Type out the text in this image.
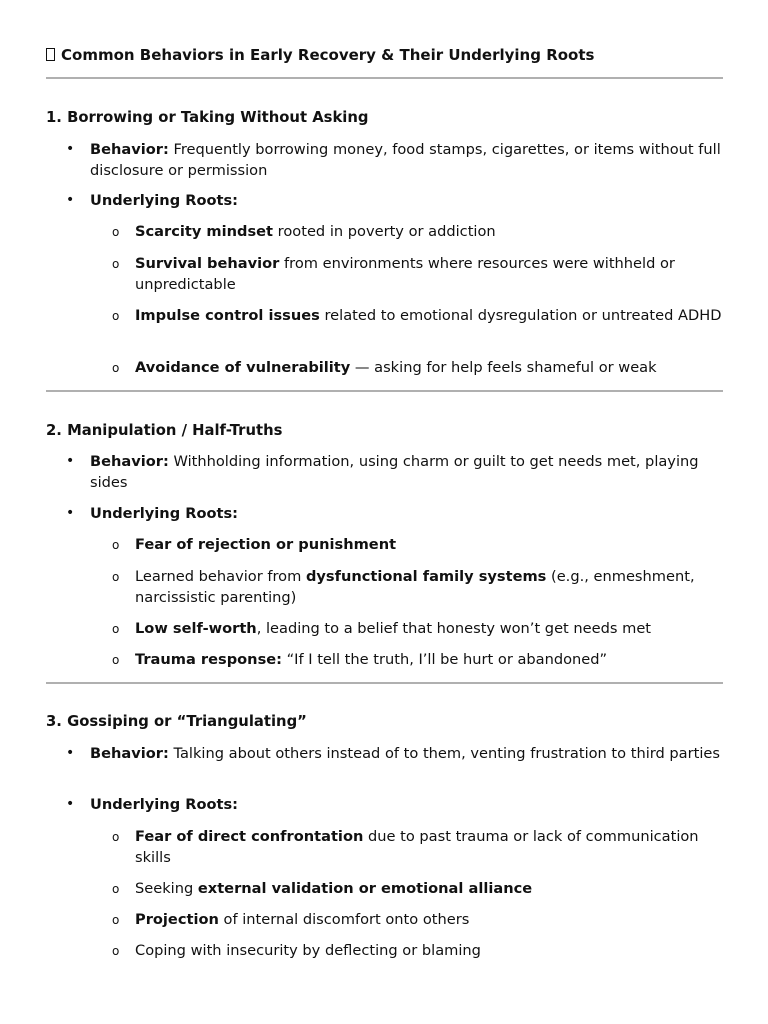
Common Behaviors in Early Recovery & Their Underlying Roots
1. Borrowing or Taking Without Asking
• Behavior: Frequently borrowing money, food stamps, cigarettes, or items without full disclosure or permission
• Underlying Roots:
o Scarcity mindset rooted in poverty or addiction
o Survival behavior from environments where resources were withheld or unpredictable
o Impulse control issues related to emotional dysregulation or untreated ADHD
o Avoidance of vulnerability — asking for help feels shameful or weak
2. Manipulation / Half-Truths
• Behavior: Withholding information, using charm or guilt to get needs met, playing sides
• Underlying Roots:
o Fear of rejection or punishment
o Learned behavior from dysfunctional family systems (e.g., enmeshment, narcissistic parenting)
o Low self-worth, leading to a belief that honesty won’t get needs met
o Trauma response: “If I tell the truth, I’ll be hurt or abandoned”
3. Gossiping or “Triangulating”
• Behavior: Talking about others instead of to them, venting frustration to third parties
• Underlying Roots:
o Fear of direct confrontation due to past trauma or lack of communication skills
o Seeking external validation or emotional alliance
o Projection of internal discomfort onto others
o Coping with insecurity by deflecting or blaming
